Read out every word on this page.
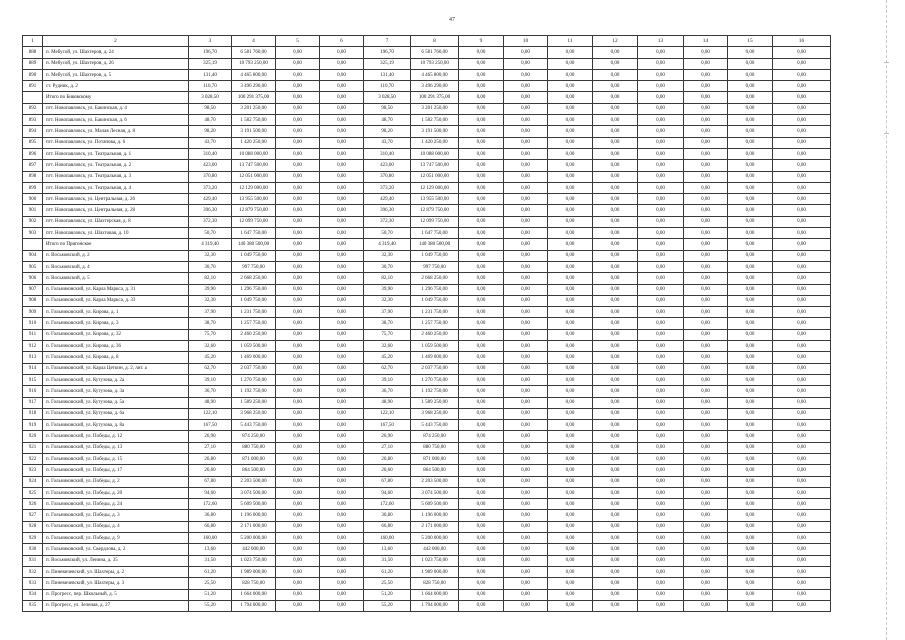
47
1	2	3	4	5	6	7	8	9	10	11	12	13	14	15	16
888	п. Мебусой, ул. Шахтеров, д. 24	196,70	6 581 760,00	0,00	0,00	196,70	6 581 760,00	0,00	0,00	0,00	0,00	0,00	0,00	0,00	0,00
889	п. Мебусой, ул. Шахтеров, д. 26	325,19	10 793 250,00	0,00	0,00	325,19	10 793 250,00	0,00	0,00	0,00	0,00	0,00	0,00	0,00	0,00
890	п. Мебусой, ул. Шахтеров, д. 5	131,40	4 465 800,00	0,00	0,00	131,40	4 465 800,00	0,00	0,00	0,00	0,00	0,00	0,00	0,00	0,00
891	ст. Рудник, д. 2	110,70	3 496 290,00	0,00	0,00	110,70	3 496 290,00	0,00	0,00	0,00	0,00	0,00	0,00	0,00	0,00
	Итого по Биковскому	3 028,50	100 291 375,00	0,00	0,00	3 028,50	100 291 375,00	0,00	0,00	0,00	0,00	0,00	0,00	0,00	0,00
892	пгт. Новопавловск, ул. Бакинская, д. 4	98,50	3 201 250,00	0,00	0,00	98,50	3 201 250,00	0,00	0,00	0,00	0,00	0,00	0,00	0,00	0,00
893	пгт. Новопавловск, ул. Бакинская, д. 6	48,70	1 582 750,00	0,00	0,00	48,70	1 582 750,00	0,00	0,00	0,00	0,00	0,00	0,00	0,00	0,00
894	пгт. Новопавловск, ул. Малая Лесная, д. 8	98,20	3 191 500,00	0,00	0,00	98,20	3 191 500,00	0,00	0,00	0,00	0,00	0,00	0,00	0,00	0,00
895	пгт. Новопавловск, ул. Потапова, д. 6	43,70	1 420 250,00	0,00	0,00	43,70	1 420 250,00	0,00	0,00	0,00	0,00	0,00	0,00	0,00	0,00
896	пгт. Новопавловск, ул. Театральная, д. 1	310,40	10 088 000,00	0,00	0,00	310,40	10 088 000,00	0,00	0,00	0,00	0,00	0,00	0,00	0,00	0,00
897	пгт. Новопавловск, ул. Театральная, д. 2	423,00	13 747 500,00	0,00	0,00	423,00	13 747 500,00	0,00	0,00	0,00	0,00	0,00	0,00	0,00	0,00
898	пгт. Новопавловск, ул. Театральная, д. 3	370,80	12 051 000,00	0,00	0,00	370,80	12 051 000,00	0,00	0,00	0,00	0,00	0,00	0,00	0,00	0,00
899	пгт. Новопавловск, ул. Театральная, д. 4	373,20	12 129 000,00	0,00	0,00	373,20	12 129 000,00	0,00	0,00	0,00	0,00	0,00	0,00	0,00	0,00
900	пгт. Новопавловск, ул. Центральная, д. 26	429,40	13 955 500,00	0,00	0,00	429,40	13 955 500,00	0,00	0,00	0,00	0,00	0,00	0,00	0,00	0,00
901	пгт. Новопавловск, ул. Центральная, д. 28	396,30	12 879 750,00	0,00	0,00	396,30	12 879 750,00	0,00	0,00	0,00	0,00	0,00	0,00	0,00	0,00
902	пгт. Новопавловск, ул. Шахтерская, д. 8	372,30	12 099 750,00	0,00	0,00	372,30	12 099 750,00	0,00	0,00	0,00	0,00	0,00	0,00	0,00	0,00
903	пгт. Новопавловск, ул. Шахтовая, д. 10	50,70	1 647 750,00	0,00	0,00	50,70	1 647 750,00	0,00	0,00	0,00	0,00	0,00	0,00	0,00	0,00
	Итого по Пригонское	4 319,40	140 380 500,00	0,00	0,00	4 319,40	140 380 500,00	0,00	0,00	0,00	0,00	0,00	0,00	0,00	0,00
904	п. Восьмовский, д. 2	32,30	1 049 750,00	0,00	0,00	32,30	1 049 750,00	0,00	0,00	0,00	0,00	0,00	0,00	0,00	0,00
905	п. Восьмовский, д. 4	30,70	997 750,00	0,00	0,00	30,70	997 750,00	0,00	0,00	0,00	0,00	0,00	0,00	0,00	0,00
906	п. Восьмовский, д. 5	82,10	2 668 250,00	0,00	0,00	82,10	2 668 250,00	0,00	0,00	0,00	0,00	0,00	0,00	0,00	0,00
907	п. Гольниковский, ул. Карла Маркса, д. 31	39,90	1 296 750,00	0,00	0,00	39,90	1 296 750,00	0,00	0,00	0,00	0,00	0,00	0,00	0,00	0,00
908	п. Гольниковский, ул. Карла Маркса, д. 33	32,30	1 049 750,00	0,00	0,00	32,30	1 049 750,00	0,00	0,00	0,00	0,00	0,00	0,00	0,00	0,00
909	п. Гольниковский, ул. Кирова, д. 1	37,90	1 231 750,00	0,00	0,00	37,90	1 231 750,00	0,00	0,00	0,00	0,00	0,00	0,00	0,00	0,00
910	п. Гольниковский, ул. Кирова, д. 3	38,70	1 257 750,00	0,00	0,00	38,70	1 257 750,00	0,00	0,00	0,00	0,00	0,00	0,00	0,00	0,00
911	п. Гольниковский, ул. Кирова, д. 32	75,70	2 460 250,00	0,00	0,00	75,70	2 460 250,00	0,00	0,00	0,00	0,00	0,00	0,00	0,00	0,00
912	п. Гольниковский, ул. Кирова, д. 36	32,60	1 059 500,00	0,00	0,00	32,60	1 059 500,00	0,00	0,00	0,00	0,00	0,00	0,00	0,00	0,00
913	п. Гольниковский, ул. Кирова, д. 8	45,20	1 469 000,00	0,00	0,00	45,20	1 469 000,00	0,00	0,00	0,00	0,00	0,00	0,00	0,00	0,00
914	п. Гольниковский, ул. Карла Цеткин, д. 2, лит. а	62,70	2 037 750,00	0,00	0,00	62,70	2 037 750,00	0,00	0,00	0,00	0,00	0,00	0,00	0,00	0,00
915	п. Гольниковский, ул. Кутузова, д. 2а	39,10	1 270 750,00	0,00	0,00	39,10	1 270 750,00	0,00	0,00	0,00	0,00	0,00	0,00	0,00	0,00
916	п. Гольниковский, ул. Кутузова, д. 3а	36,70	1 192 750,00	0,00	0,00	36,70	1 192 750,00	0,00	0,00	0,00	0,00	0,00	0,00	0,00	0,00
917	п. Гольниковский, ул. Кутузова, д. 5а	48,90	1 589 250,00	0,00	0,00	48,90	1 589 250,00	0,00	0,00	0,00	0,00	0,00	0,00	0,00	0,00
918	п. Гольниковский, ул. Кутузова, д. 6а	122,10	3 968 250,00	0,00	0,00	122,10	3 968 250,00	0,00	0,00	0,00	0,00	0,00	0,00	0,00	0,00
919	п. Гольниковский, ул. Кутузова, д. 8а	167,50	5 443 750,00	0,00	0,00	167,50	5 443 750,00	0,00	0,00	0,00	0,00	0,00	0,00	0,00	0,00
920	п. Гольниковский, ул. Победы, д. 12	26,90	874 250,00	0,00	0,00	26,90	874 250,00	0,00	0,00	0,00	0,00	0,00	0,00	0,00	0,00
921	п. Гольниковский, ул. Победы, д. 13	27,10	880 750,00	0,00	0,00	27,10	880 750,00	0,00	0,00	0,00	0,00	0,00	0,00	0,00	0,00
922	п. Гольниковский, ул. Победы, д. 15	26,80	871 000,00	0,00	0,00	26,80	871 000,00	0,00	0,00	0,00	0,00	0,00	0,00	0,00	0,00
923	п. Гольниковский, ул. Победы, д. 17	26,60	864 500,00	0,00	0,00	26,60	864 500,00	0,00	0,00	0,00	0,00	0,00	0,00	0,00	0,00
924	п. Гольниковский, ул. Победы, д. 2	67,80	2 203 500,00	0,00	0,00	67,80	2 203 500,00	0,00	0,00	0,00	0,00	0,00	0,00	0,00	0,00
925	п. Гольниковский, ул. Победы, д. 20	94,60	3 074 500,00	0,00	0,00	94,60	3 074 500,00	0,00	0,00	0,00	0,00	0,00	0,00	0,00	0,00
926	п. Гольниковский, ул. Победы, д. 24	172,60	5 609 500,00	0,00	0,00	172,60	5 609 500,00	0,00	0,00	0,00	0,00	0,00	0,00	0,00	0,00
927	п. Гольниковский, ул. Победы, д. 3	36,80	1 196 000,00	0,00	0,00	36,80	1 196 000,00	0,00	0,00	0,00	0,00	0,00	0,00	0,00	0,00
928	п. Гольниковский, ул. Победы, д. 4	66,80	2 171 000,00	0,00	0,00	66,80	2 171 000,00	0,00	0,00	0,00	0,00	0,00	0,00	0,00	0,00
929	п. Гольниковский, ул. Победы, д. 9	160,00	5 200 000,00	0,00	0,00	160,00	5 200 000,00	0,00	0,00	0,00	0,00	0,00	0,00	0,00	0,00
930	п. Гольниковский, ул. Свердлова, д. 2	13,60	442 000,00	0,00	0,00	13,60	442 000,00	0,00	0,00	0,00	0,00	0,00	0,00	0,00	0,00
931	п. Восьмовский, ул. Ленина, д. 35	31,50	1 023 750,00	0,00	0,00	31,50	1 023 750,00	0,00	0,00	0,00	0,00	0,00	0,00	0,00	0,00
932	п. Пиневичевский, ул. Шахтеры, д. 2	61,20	1 989 000,00	0,00	0,00	61,20	1 989 000,00	0,00	0,00	0,00	0,00	0,00	0,00	0,00	0,00
933	п. Пиневичевский, ул. Шахтеры, д. 3	25,50	828 750,00	0,00	0,00	25,50	828 750,00	0,00	0,00	0,00	0,00	0,00	0,00	0,00	0,00
934	п. Прогресс, пер. Школьный, д. 5	51,20	1 664 000,00	0,00	0,00	51,20	1 664 000,00	0,00	0,00	0,00	0,00	0,00	0,00	0,00	0,00
935	п. Прогресс, ул. Зеленая, д. 27	55,20	1 794 000,00	0,00	0,00	55,20	1 794 000,00	0,00	0,00	0,00	0,00	0,00	0,00	0,00	0,00
